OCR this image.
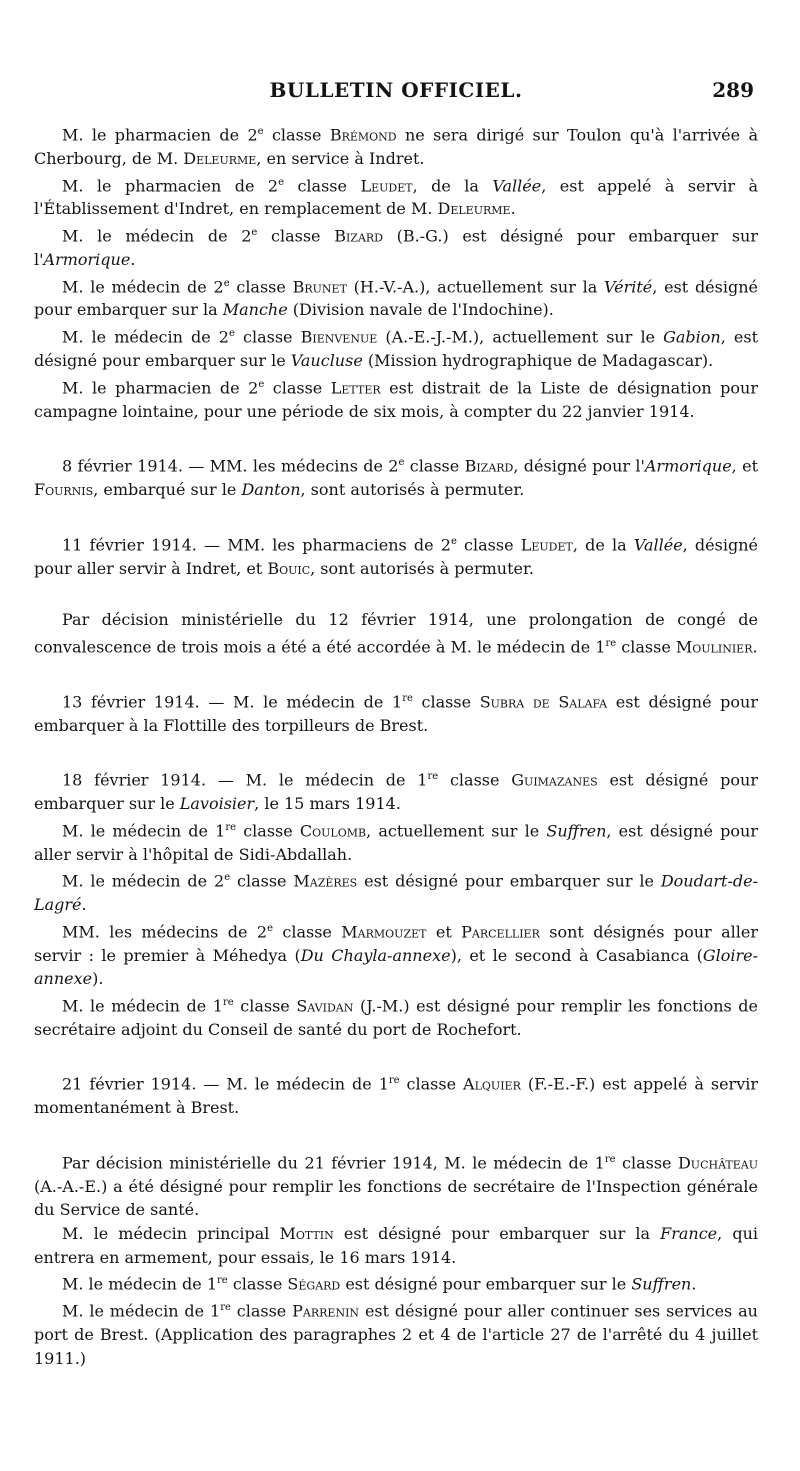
BULLETIN OFFICIEL.	289

M. le pharmacien de 2e classe Brémond ne sera dirigé sur Toulon qu'à l'arrivée à Cherbourg, de M. Deleurme, en service à Indret.

M. le pharmacien de 2e classe Leudet, de la Vallée, est appelé à servir à l'Établissement d'Indret, en remplacement de M. Deleurme.

M. le médecin de 2e classe Bizard (B.-G.) est désigné pour embarquer sur l'Armorique.

M. le médecin de 2e classe Brunet (H.-V.-A.), actuellement sur la Vérité, est désigné pour embarquer sur la Manche (Division navale de l'Indochine).

M. le médecin de 2e classe Bienvenue (A.-E.-J.-M.), actuellement sur le Gabion, est désigné pour embarquer sur le Vaucluse (Mission hydrographique de Madagascar).

M. le pharmacien de 2e classe Letter est distrait de la Liste de désignation pour campagne lointaine, pour une période de six mois, à compter du 22 janvier 1914.

8 février 1914. — MM. les médecins de 2e classe Bizard, désigné pour l'Armorique, et Fournis, embarqué sur le Danton, sont autorisés à permuter.

11 février 1914. — MM. les pharmaciens de 2e classe Leudet, de la Vallée, désigné pour aller servir à Indret, et Bouic, sont autorisés à permuter.

Par décision ministérielle du 12 février 1914, une prolongation de congé de convalescence de trois mois a été a été accordée à M. le médecin de 1re classe Moulinier.

13 février 1914. — M. le médecin de 1re classe Subra de Salafa est désigné pour embarquer à la Flottille des torpilleurs de Brest.

18 février 1914. — M. le médecin de 1re classe Guimazanes est désigné pour embarquer sur le Lavoisier, le 15 mars 1914.

M. le médecin de 1re classe Coulomb, actuellement sur le Suffren, est désigné pour aller servir à l'hôpital de Sidi-Abdallah.

M. le médecin de 2e classe Mazères est désigné pour embarquer sur le Doudart-de-Lagré.

MM. les médecins de 2e classe Marmouzet et Parcellier sont désignés pour aller servir : le premier à Méhedya (Du Chayla-annexe), et le second à Casabianca (Gloire-annexe).

M. le médecin de 1re classe Savidan (J.-M.) est désigné pour remplir les fonctions de secrétaire adjoint du Conseil de santé du port de Rochefort.

21 février 1914. — M. le médecin de 1re classe Alquier (F.-E.-F.) est appelé à servir momentanément à Brest.

Par décision ministérielle du 21 février 1914, M. le médecin de 1re classe Duchâteau (A.-A.-E.) a été désigné pour remplir les fonctions de secrétaire de l'Inspection générale du Service de santé.

M. le médecin principal Mottin est désigné pour embarquer sur la France, qui entrera en armement, pour essais, le 16 mars 1914.

M. le médecin de 1re classe Ségard est désigné pour embarquer sur le Suffren.

M. le médecin de 1re classe Parrenin est désigné pour aller continuer ses services au port de Brest. (Application des paragraphes 2 et 4 de l'article 27 de l'arrêté du 4 juillet 1911.)
